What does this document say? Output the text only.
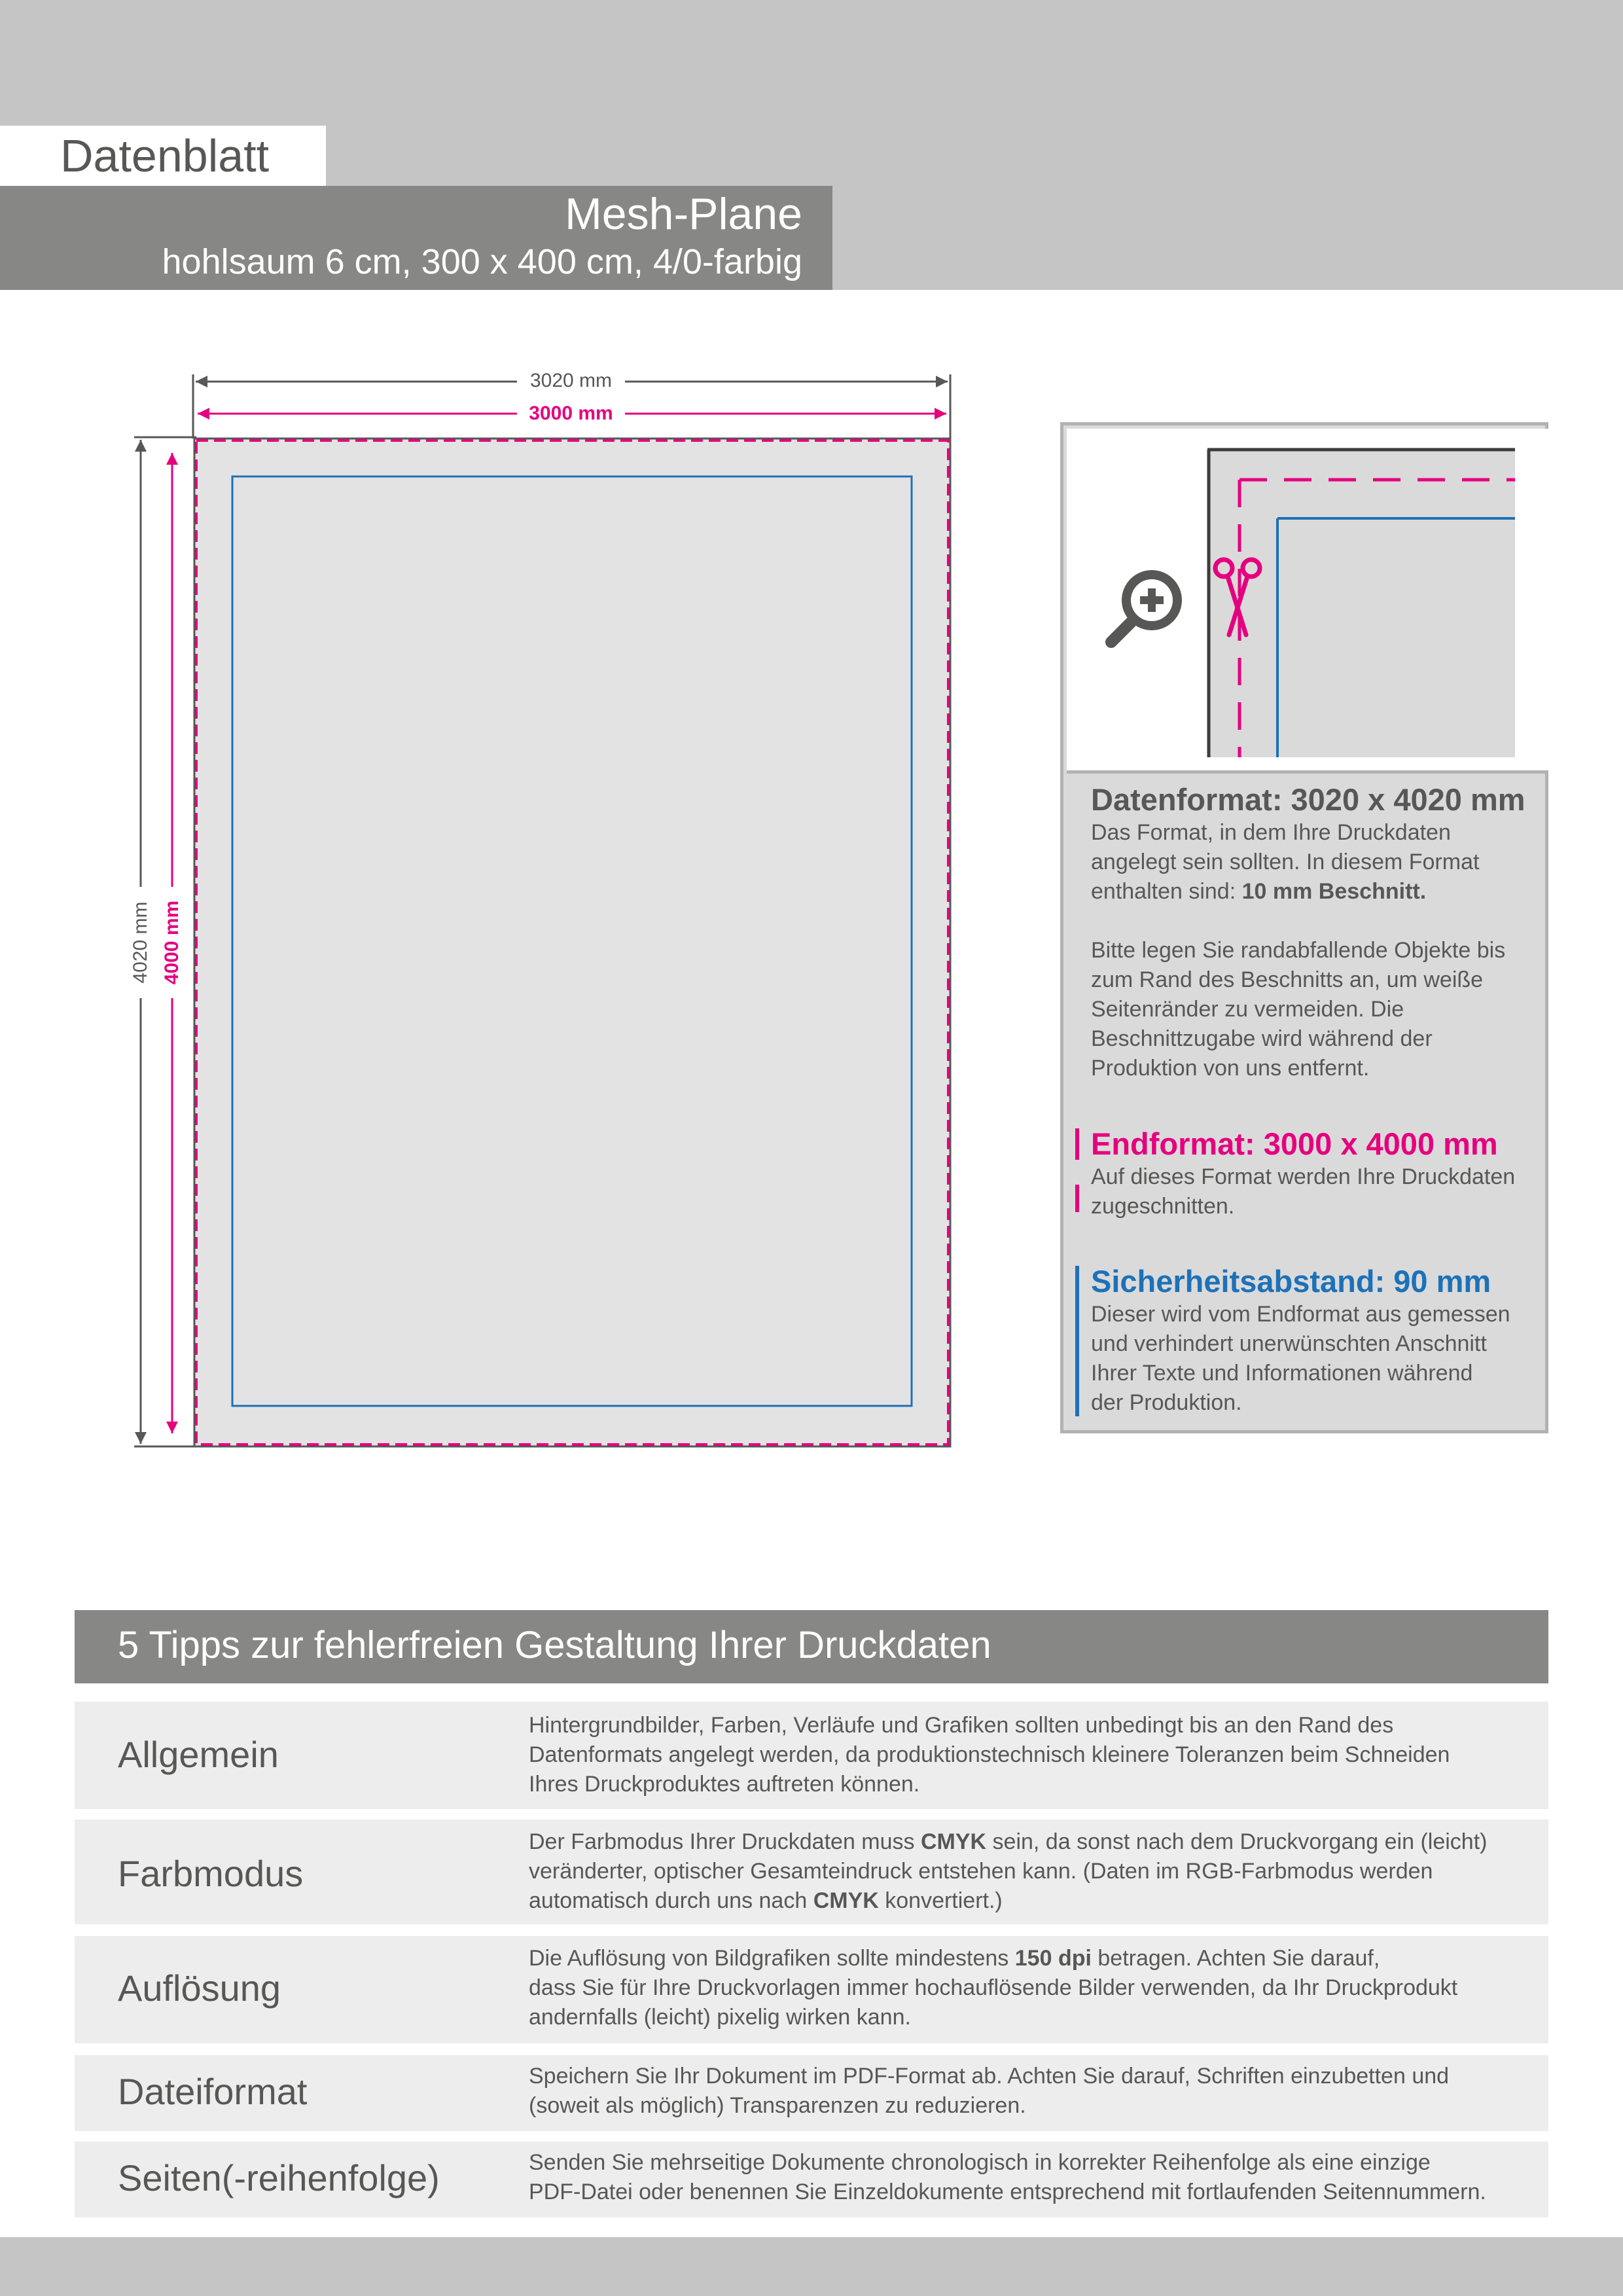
Datenblatt
Mesh-Plane
hohlsaum 6 cm, 300 x 400 cm, 4/0-farbig
3020 mm
3000 mm
4020 mm 4000 mm
Datenformat: 3020 x 4020 mm
Das Format, in dem Ihre Druckdaten
angelegt sein sollten. In diesem Format
enthalten sind: 10 mm Beschnitt.
Bitte legen Sie randabfallende Objekte bis
zum Rand des Beschnitts an, um weiße
Seitenränder zu vermeiden. Die
Beschnittzugabe wird während der
Produktion von uns entfernt.
Endformat: 3000 x 4000 mm
Auf dieses Format werden Ihre Druckdaten
zugeschnitten.
Sicherheitsabstand: 90 mm
Dieser wird vom Endformat aus gemessen
und verhindert unerwünschten Anschnitt
Ihrer Texte und Informationen während
der Produktion.
5 Tipps zur fehlerfreien Gestaltung Ihrer Druckdaten
Allgemein
Hintergrundbilder, Farben, Verläufe und Grafiken sollten unbedingt bis an den Rand des
Datenformats angelegt werden, da produktionstechnisch kleinere Toleranzen beim Schneiden
Ihres Druckproduktes auftreten können.
Farbmodus
Der Farbmodus Ihrer Druckdaten muss CMYK sein, da sonst nach dem Druckvorgang ein (leicht)
veränderter, optischer Gesamteindruck entstehen kann. (Daten im RGB-Farbmodus werden
automatisch durch uns nach CMYK konvertiert.)
Auflösung
Die Auflösung von Bildgrafiken sollte mindestens 150 dpi betragen. Achten Sie darauf,
dass Sie für Ihre Druckvorlagen immer hochauflösende Bilder verwenden, da Ihr Druckprodukt
andernfalls (leicht) pixelig wirken kann.
Dateiformat	Speichern Sie Ihr Dokument im PDF-Format ab. Achten Sie darauf, Schriften einzubetten und
(soweit als möglich) Transparenzen zu reduzieren.
Seiten(-reihenfolge)	Senden Sie mehrseitige Dokumente chronologisch in korrekter Reihenfolge als eine einzige
PDF-Datei oder benennen Sie Einzeldokumente entsprechend mit fortlaufenden Seitennummern.
